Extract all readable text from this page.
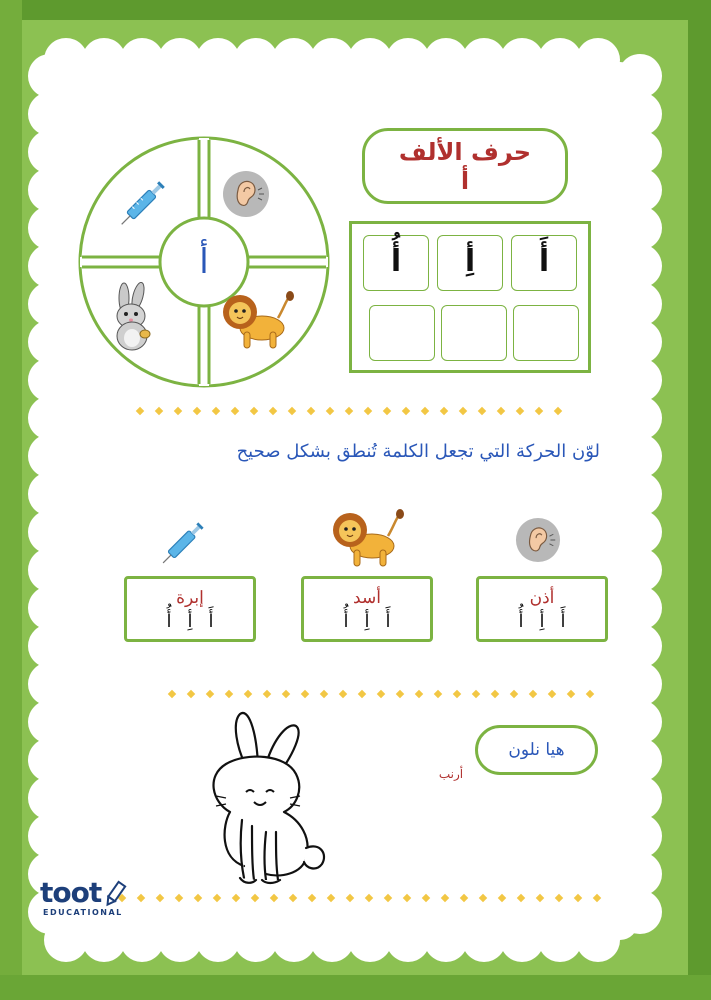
حرف الألف
أ
أَ
أِ
أُ
أ
لوّن الحركة التي تجعل الكلمة تُنطق بشكل صحيح
أذن
أَ
أِ
أُ
أسد
أَ
أِ
أُ
إبرة
أَ
أِ
أُ
هيا نلون
أرنب
toot
EDUCATIONAL
